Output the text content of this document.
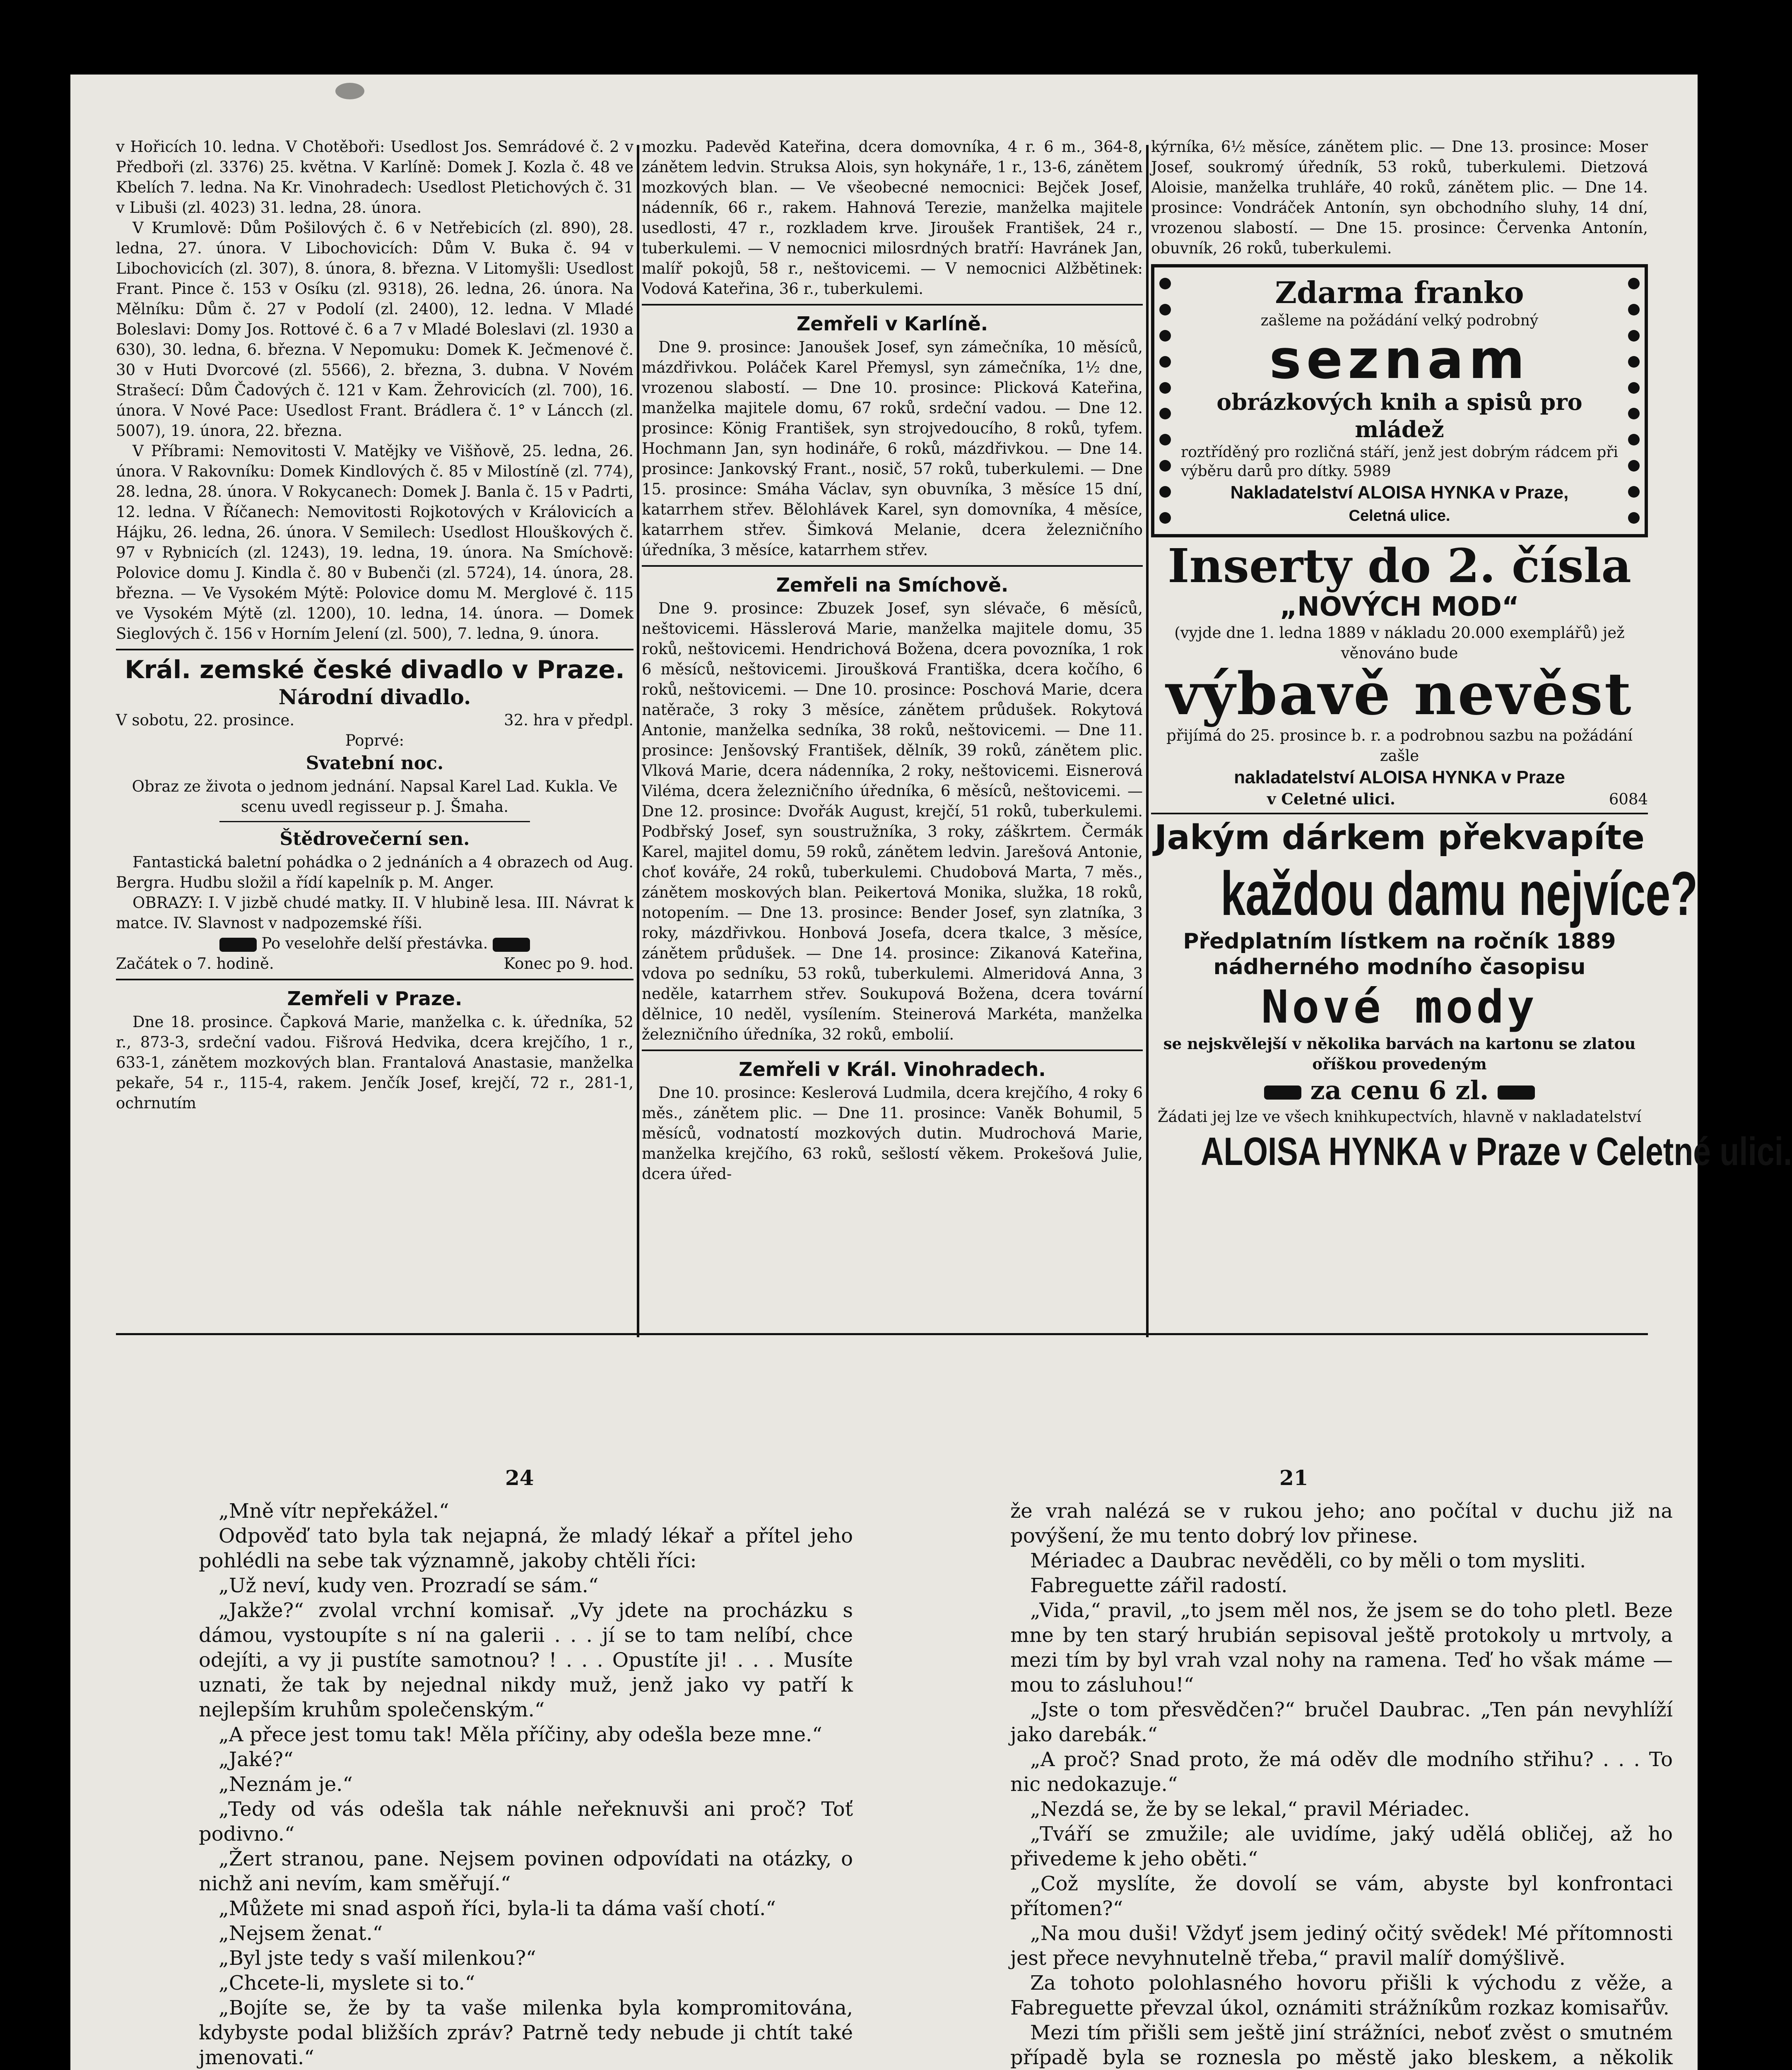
v Hořicích 10. ledna. V Chotěboři: Usedlost Jos. Semrádové č. 2 v Předboři (zl. 3376) 25. května. V Karlíně: Domek J. Kozla č. 48 ve Kbelích 7. ledna. Na Kr. Vinohradech: Usedlost Pletichových č. 31 v Libuši (zl. 4023) 31. ledna, 28. února.

V Krumlově: Dům Pošilových č. 6 v Netřebicích (zl. 890), 28. ledna, 27. února. V Libochovicích: Dům V. Buka č. 94 v Libochovicích (zl. 307), 8. února, 8. března. V Litomyšli: Usedlost Frant. Pince č. 153 v Osíku (zl. 9318), 26. ledna, 26. února. Na Mělníku: Dům č. 27 v Podolí (zl. 2400), 12. ledna. V Mladé Boleslavi: Domy Jos. Rottové č. 6 a 7 v Mladé Boleslavi (zl. 1930 a 630), 30. ledna, 6. března. V Nepomuku: Domek K. Ječmenové č. 30 v Huti Dvorcové (zl. 5566), 2. března, 3. dubna. V Novém Strašecí: Dům Čadových č. 121 v Kam. Žehrovicích (zl. 700), 16. února. V Nové Pace: Usedlost Frant. Brádlera č. 1° v Láncch (zl. 5007), 19. února, 22. března.

V Příbrami: Nemovitosti V. Matějky ve Višňově, 25. ledna, 26. února. V Rakovníku: Domek Kindlových č. 85 v Milostíně (zl. 774), 28. ledna, 28. února. V Rokycanech: Domek J. Banla č. 15 v Padrti, 12. ledna. V Říčanech: Nemovitosti Rojkotových v Královicích a Hájku, 26. ledna, 26. února. V Semilech: Usedlost Hlouškových č. 97 v Rybnicích (zl. 1243), 19. ledna, 19. února. Na Smíchově: Polovice domu J. Kindla č. 80 v Bubenči (zl. 5724), 14. února, 28. března. — Ve Vysokém Mýtě: Polovice domu M. Merglové č. 115 ve Vysokém Mýtě (zl. 1200), 10. ledna, 14. února. — Domek Sieglových č. 156 v Horním Jelení (zl. 500), 7. ledna, 9. února.

Král. zemské české divadlo v Praze.
Národní divadlo.
V sobotu, 22. prosince.	32. hra v předpl.
Poprvé:
Svatební noc.

Obraz ze života o jednom jednání. Napsal Karel Lad. Kukla. Ve scenu uvedl regisseur p. J. Šmaha.

Štědrovečerní sen.

Fantastická baletní pohádka o 2 jednáních a 4 obrazech od Aug. Bergra. Hudbu složil a řídí kapelník p. M. Anger.

OBRAZY: I. V jizbě chudé matky. II. V hlubině lesa. III. Návrat k matce. IV. Slavnost v nadpozemské říši.

Po veselohře delší přestávka.
Začátek o 7. hodině.	Konec po 9. hod.
Zemřeli v Praze.

Dne 18. prosince. Čapková Marie, manželka c. k. úředníka, 52 r., 873-3, srdeční vadou. Fišrová Hedvika, dcera krejčího, 1 r., 633-1, zánětem mozkových blan. Frantalová Anastasie, manželka pekaře, 54 r., 115-4, rakem. Jenčík Josef, krejčí, 72 r., 281-1, ochrnutím

mozku. Padevěd Kateřina, dcera domovníka, 4 r. 6 m., 364-8, zánětem ledvin. Struksa Alois, syn hokynáře, 1 r., 13-6, zánětem mozkových blan. — Ve všeobecné nemocnici: Bejček Josef, nádenník, 66 r., rakem. Hahnová Terezie, manželka majitele usedlosti, 47 r., rozkladem krve. Jiroušek František, 24 r., tuberkulemi. — V nemocnici milosrdných bratří: Havránek Jan, malíř pokojů, 58 r., neštovicemi. — V nemocnici Alžbětinek: Vodová Kateřina, 36 r., tuberkulemi.

Zemřeli v Karlíně.

Dne 9. prosince: Janoušek Josef, syn zámečníka, 10 měsíců, mázdřivkou. Poláček Karel Přemysl, syn zámečníka, 1½ dne, vrozenou slabostí. — Dne 10. prosince: Plicková Kateřina, manželka majitele domu, 67 roků, srdeční vadou. — Dne 12. prosince: König František, syn strojvedoucího, 8 roků, tyfem. Hochmann Jan, syn hodináře, 6 roků, mázdřivkou. — Dne 14. prosince: Jankovský Frant., nosič, 57 roků, tuberkulemi. — Dne 15. prosince: Smáha Václav, syn obuvníka, 3 měsíce 15 dní, katarrhem střev. Bělohlávek Karel, syn domovníka, 4 měsíce, katarrhem střev. Šimková Melanie, dcera železničního úředníka, 3 měsíce, katarrhem střev.

Zemřeli na Smíchově.

Dne 9. prosince: Zbuzek Josef, syn slévače, 6 měsíců, neštovicemi. Hässlerová Marie, manželka majitele domu, 35 roků, neštovicemi. Hendrichová Božena, dcera povozníka, 1 rok 6 měsíců, neštovicemi. Jiroušková Františka, dcera kočího, 6 roků, neštovicemi. — Dne 10. prosince: Poschová Marie, dcera natěrače, 3 roky 3 měsíce, zánětem průdušek. Rokytová Antonie, manželka sedníka, 38 roků, neštovicemi. — Dne 11. prosince: Jenšovský František, dělník, 39 roků, zánětem plic. Vlková Marie, dcera nádenníka, 2 roky, neštovicemi. Eisnerová Viléma, dcera železničního úředníka, 6 měsíců, neštovicemi. — Dne 12. prosince: Dvořák August, krejčí, 51 roků, tuberkulemi. Podbřský Josef, syn soustružníka, 3 roky, záškrtem. Čermák Karel, majitel domu, 59 roků, zánětem ledvin. Jarešová Antonie, choť kováře, 24 roků, tuberkulemi. Chudobová Marta, 7 měs., zánětem moskových blan. Peikertová Monika, služka, 18 roků, notopením. — Dne 13. prosince: Bender Josef, syn zlatníka, 3 roky, mázdřivkou. Honbová Josefa, dcera tkalce, 3 měsíce, zánětem průdušek. — Dne 14. prosince: Zikanová Kateřina, vdova po sedníku, 53 roků, tuberkulemi. Almeridová Anna, 3 neděle, katarrhem střev. Soukupová Božena, dcera tovární dělnice, 10 neděl, vysílením. Steinerová Markéta, manželka železničního úředníka, 32 roků, embolií.

Zemřeli v Král. Vinohradech.

Dne 10. prosince: Keslerová Ludmila, dcera krejčího, 4 roky 6 měs., zánětem plic. — Dne 11. prosince: Vaněk Bohumil, 5 měsíců, vodnatostí mozkových dutin. Mudrochová Marie, manželka krejčího, 63 roků, sešlostí věkem. Prokešová Julie, dcera úřed-

kýrníka, 6½ měsíce, zánětem plic. — Dne 13. prosince: Moser Josef, soukromý úředník, 53 roků, tuberkulemi. Dietzová Aloisie, manželka truhláře, 40 roků, zánětem plic. — Dne 14. prosince: Vondráček Antonín, syn obchodního sluhy, 14 dní, vrozenou slabostí. — Dne 15. prosince: Červenka Antonín, obuvník, 26 roků, tuberkulemi.

Zdarma franko
zašleme na požádání velký podrobný
seznam
obrázkových knih a spisů pro mládež
roztříděný pro rozličná stáří, jenž jest dobrým rádcem při výběru darů pro dítky. 5989
Nakladatelství ALOISA HYNKA v Praze,
Celetná ulice.
Inserty do 2. čísla
„NOVÝCH MOD“
(vyjde dne 1. ledna 1889 v nákladu 20.000 exemplářů) jež věnováno bude
výbavě nevěst
přijímá do 25. prosince b. r. a podrobnou sazbu na požádání zašle
nakladatelství ALOISA HYNKA v Praze
v Celetné ulici.	6084
Jakým dárkem překvapíte
každou damu nejvíce?
Předplatním lístkem na ročník 1889 nádherného modního časopisu
Nové mody
se nejskvělejší v několika barvách na kartonu se zlatou oříškou provedeným
za cenu 6 zl.
Žádati jej lze ve všech knihkupectvích, hlavně v nakladatelství
ALOISA HYNKA v Praze v Celetné ulici.
24	21

„Mně vítr nepřekážel.“

Odpověď tato byla tak nejapná, že mladý lékař a přítel jeho pohlédli na sebe tak významně, jakoby chtěli říci:

„Už neví, kudy ven. Prozradí se sám.“

„Jakže?“ zvolal vrchní komisař. „Vy jdete na procházku s dámou, vystoupíte s ní na galerii . . . jí se to tam nelíbí, chce odejíti, a vy ji pustíte samotnou? ! . . . Opustíte ji! . . . Musíte uznati, že tak by nejednal nikdy muž, jenž jako vy patří k nejlepším kruhům společenským.“

„A přece jest tomu tak! Měla příčiny, aby odešla beze mne.“

„Jaké?“

„Neznám je.“

„Tedy od vás odešla tak náhle neřeknuvši ani proč? Toť podivno.“

„Žert stranou, pane. Nejsem povinen odpovídati na otázky, o nichž ani nevím, kam směřují.“

„Můžete mi snad aspoň říci, byla-li ta dáma vaší chotí.“

„Nejsem ženat.“

„Byl jste tedy s vaší milenkou?“

„Chcete-li, myslete si to.“

„Bojíte se, že by ta vaše milenka byla kompromitována, kdybyste podal bližších zpráv? Patrně tedy nebude ji chtít také jmenovati.“

že vrah nalézá se v rukou jeho; ano počítal v duchu již na povýšení, že mu tento dobrý lov přinese.

Mériadec a Daubrac nevěděli, co by měli o tom mysliti.

Fabreguette zářil radostí.

„Vida,“ pravil, „to jsem měl nos, že jsem se do toho pletl. Beze mne by ten starý hrubián sepisoval ještě protokoly u mrtvoly, a mezi tím by byl vrah vzal nohy na ramena. Teď ho však máme — mou to zásluhou!“

„Jste o tom přesvědčen?“ bručel Daubrac. „Ten pán nevyhlíží jako darebák.“

„A proč? Snad proto, že má oděv dle modního střihu? . . . To nic nedokazuje.“

„Nezdá se, že by se lekal,“ pravil Mériadec.

„Tváří se zmužile; ale uvidíme, jaký udělá obličej, až ho přivedeme k jeho oběti.“

„Což myslíte, že dovolí se vám, abyste byl konfrontaci přítomen?“

„Na mou duši! Vždyť jsem jediný očitý svědek! Mé přítomnosti jest přece nevyhnutelně třeba,“ pravil malíř domýšlivě.

Za tohoto polohlasného hovoru přišli k východu z věže, a Fabreguette převzal úkol, oznámiti strážníkům rozkaz komisařův.

Mezi tím přišli sem ještě jiní strážníci, neboť zvěst o smutném případě byla se roznesla po městě jako bleskem, a několik
